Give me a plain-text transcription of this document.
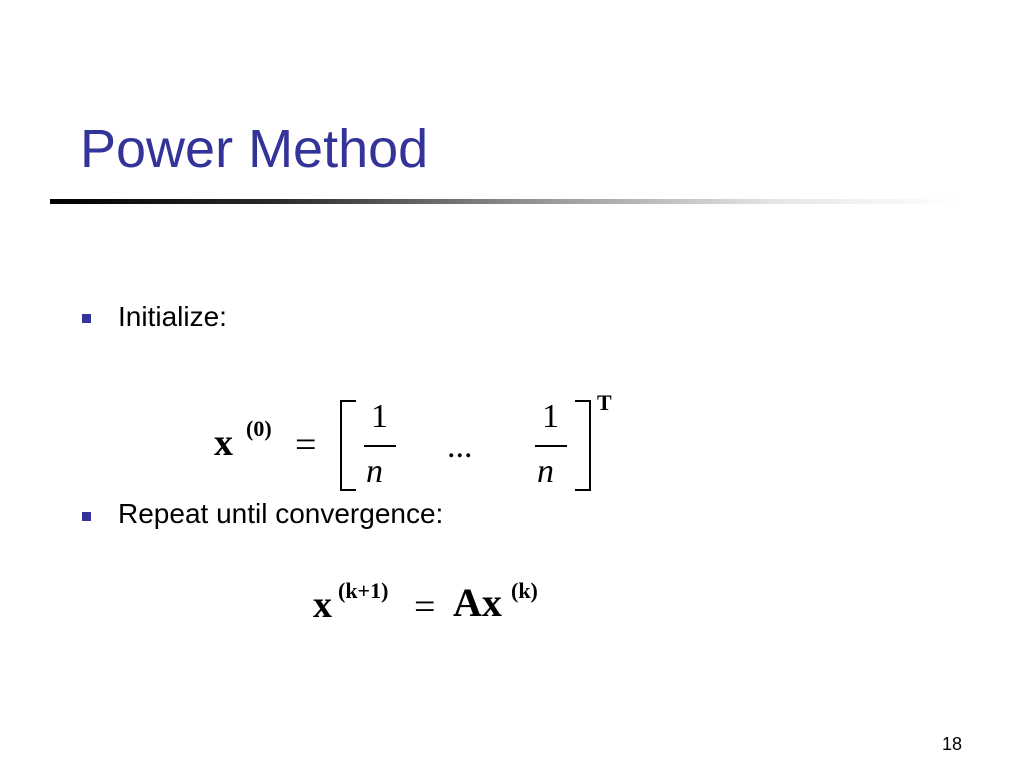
Power Method
Initialize:
x (0) =
1
n
...
1
n
T
Repeat until convergence:
x (k+1) = Ax (k)
18
